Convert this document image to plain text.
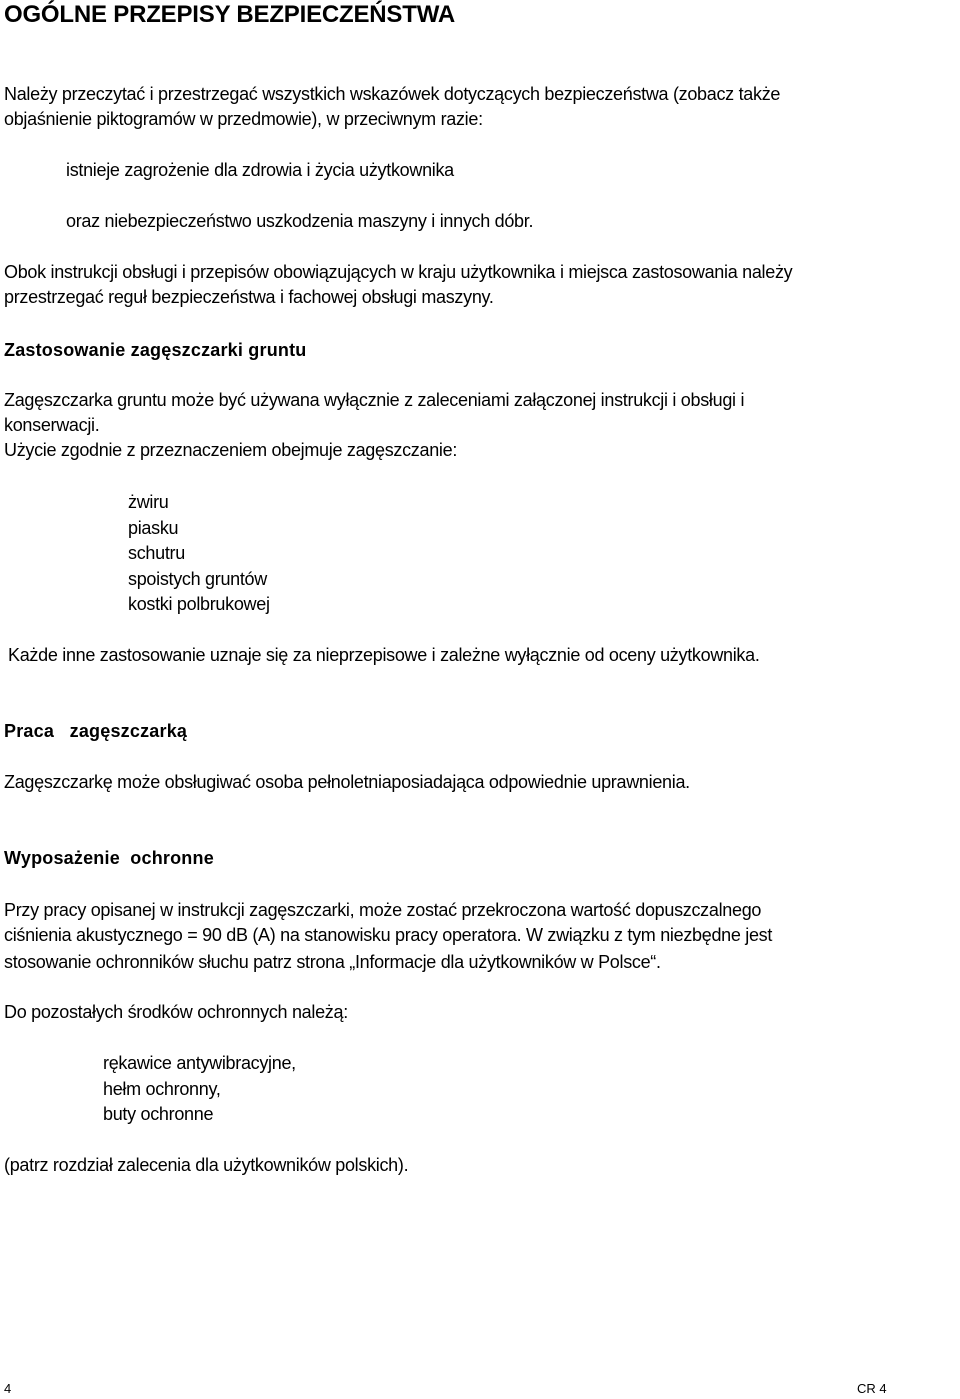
OGÓLNE PRZEPISY BEZPIECZEŃSTWA
Należy przeczytać i przestrzegać wszystkich wskazówek dotyczących bezpieczeństwa (zobacz także
objaśnienie piktogramów w przedmowie), w przeciwnym razie:
istnieje zagrożenie dla zdrowia i życia użytkownika
oraz niebezpieczeństwo uszkodzenia maszyny i innych dóbr.
Obok instrukcji obsługi i przepisów obowiązujących w kraju użytkownika i miejsca zastosowania należy
przestrzegać reguł bezpieczeństwa i fachowej obsługi maszyny.
Zastosowanie zagęszczarki gruntu
Zagęszczarka gruntu może być używana wyłącznie z zaleceniami załączonej instrukcji i obsługi i
konserwacji.
Użycie zgodnie z przeznaczeniem obejmuje zagęszczanie:
żwiru
piasku
schutru
spoistych gruntów
kostki polbrukowej
Każde inne zastosowanie uznaje się za nieprzepisowe i zależne wyłącznie od oceny użytkownika.
Praca   zagęszczarką
Zagęszczarkę może obsługiwać osoba pełnoletniaposiadająca odpowiednie uprawnienia.
Wyposażenie  ochronne
Przy pracy opisanej w instrukcji zagęszczarki, może zostać przekroczona wartość dopuszczalnego
ciśnienia akustycznego = 90 dB (A) na stanowisku pracy operatora. W związku z tym niezbędne jest
stosowanie ochronników słuchu patrz strona „Informacje dla użytkowników w Polsce“.
Do pozostałych środków ochronnych należą:
rękawice antywibracyjne,
hełm ochronny,
buty ochronne
(patrz rozdział zalecenia dla użytkowników polskich).
4	CR 4
